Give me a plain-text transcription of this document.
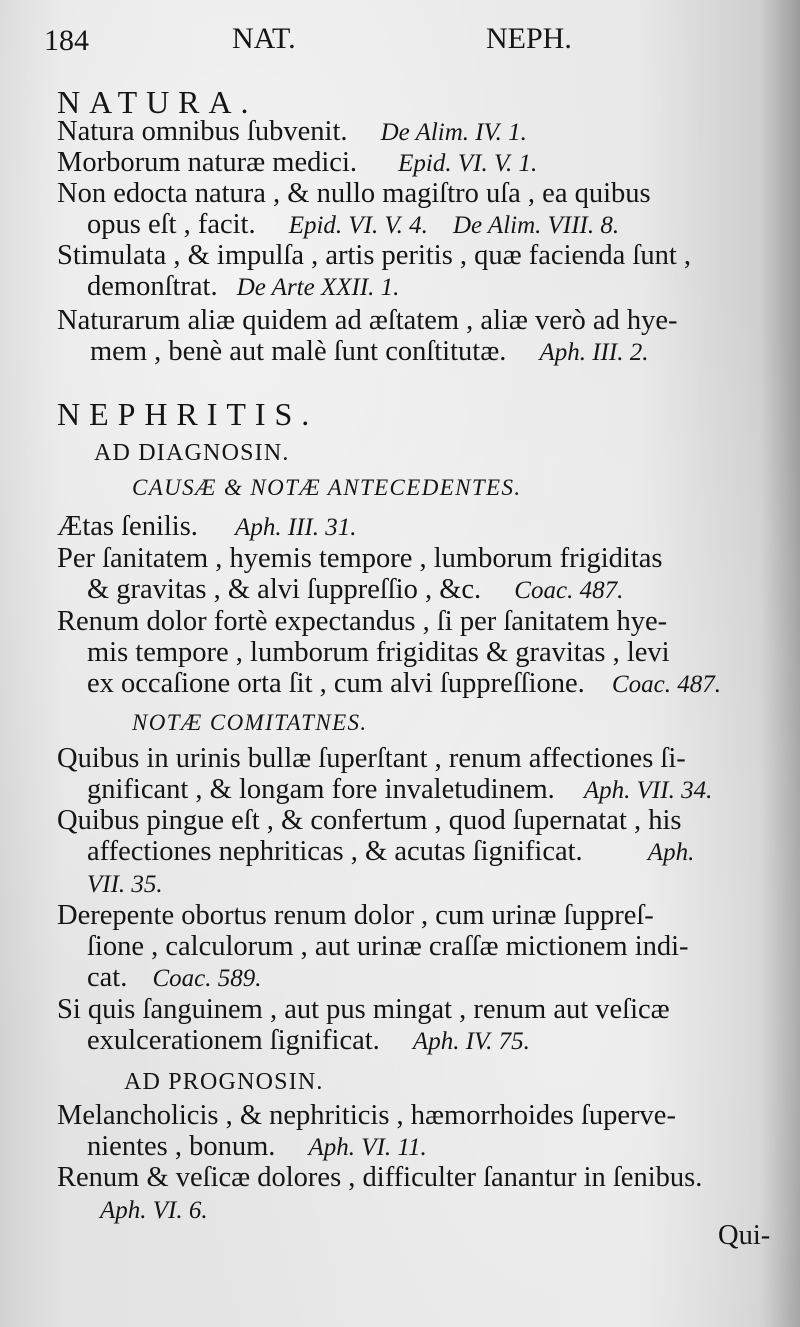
184	NAT.	NEPH.
NATURA.
Natura omnibus ſubvenit. De Alim. IV. 1.
Morborum naturæ medici. Epid. VI. V. 1.
Non edocta natura , & nullo magiſtro uſa , ea quibus
opus eſt , facit. Epid. VI. V. 4. De Alim. VIII. 8.
Stimulata , & impulſa , artis peritis , quæ facienda ſunt ,
demonſtrat. De Arte XXII. 1.
Naturarum aliæ quidem ad æſtatem , aliæ verò ad hye-
mem , benè aut malè ſunt conſtitutæ. Aph. III. 2.
NEPHRITIS.
AD DIAGNOSIN.
CAUSÆ & NOTÆ ANTECEDENTES.
Ætas ſenilis. Aph. III. 31.
Per ſanitatem , hyemis tempore , lumborum frigiditas
& gravitas , & alvi ſuppreſſio , &c. Coac. 487.
Renum dolor fortè expectandus , ſi per ſanitatem hye-
mis tempore , lumborum frigiditas & gravitas , levi
ex occaſione orta ſit , cum alvi ſuppreſſione. Coac. 487.
NOTÆ COMITATNES.
Quibus in urinis bullæ ſuperſtant , renum affectiones ſi-
gnificant , & longam fore invaletudinem. Aph. VII. 34.
Quibus pingue eſt , & confertum , quod ſupernatat , his
affectiones nephriticas , & acutas ſignificat.	Aph.
VII. 35.
Derepente obortus renum dolor , cum urinæ ſuppreſ-
ſione , calculorum , aut urinæ craſſæ mictionem indi-
cat. Coac. 589.
Si quis ſanguinem , aut pus mingat , renum aut veſicæ
exulcerationem ſignificat. Aph. IV. 75.
AD PROGNOSIN.
Melancholicis , & nephriticis , hæmorrhoides ſuperve-
nientes , bonum. Aph. VI. 11.
Renum & veſicæ dolores , difficulter ſanantur in ſenibus.
Aph. VI. 6.
Qui-
